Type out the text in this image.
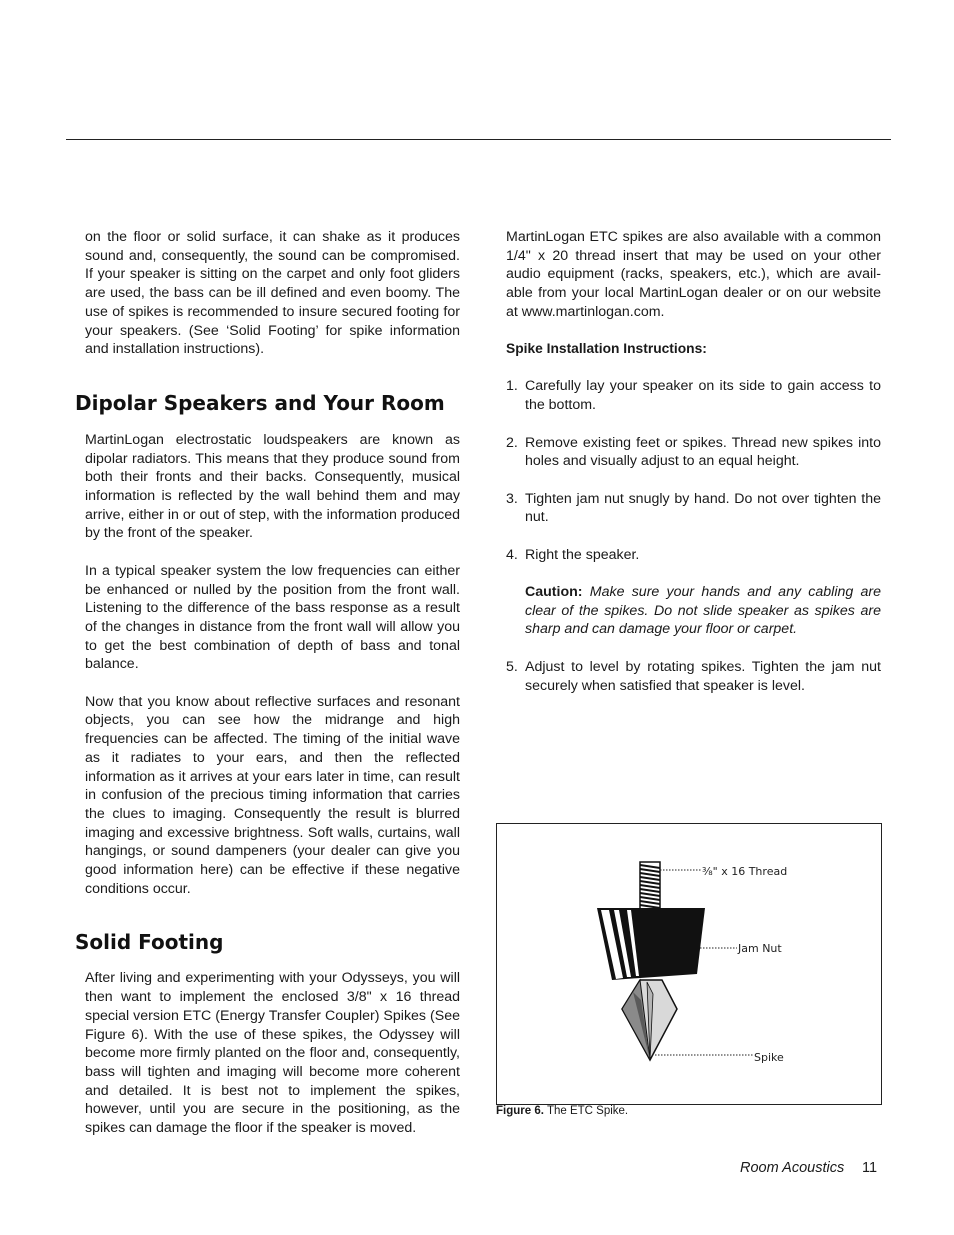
on the floor or solid surface, it can shake as it produces sound and, consequently, the sound can be compromised. If your speaker is sitting on the carpet and only foot gliders are used, the bass can be ill defined and even boomy. The use of spikes is recommended to insure secured footing for your speakers. (See ‘Solid Footing’ for spike information and installation instructions).

Dipolar Speakers and Your Room

MartinLogan electrostatic loudspeakers are known as dipolar radiators. This means that they produce sound from both their fronts and their backs. Consequently, musical information is reflected by the wall behind them and may arrive, either in or out of step, with the information produced by the front of the speaker.

In a typical speaker system the low frequencies can either be enhanced or nulled by the position from the front wall. Listening to the difference of the bass response as a result of the changes in distance from the front wall will allow you to get the best combination of depth of bass and tonal balance.

Now that you know about reflective surfaces and resonant objects, you can see how the midrange and high frequencies can be affected. The timing of the initial wave as it radiates to your ears, and then the reflected information as it arrives at your ears later in time, can result in confusion of the precious timing information that carries the clues to imaging. Consequently the result is blurred imaging and excessive brightness. Soft walls, curtains, wall hangings, or sound dampeners (your dealer can give you good information here) can be effective if these negative conditions occur.

Solid Footing

After living and experimenting with your Odysseys, you will then want to implement the enclosed 3/8" x 16 thread special version ETC (Energy Transfer Coupler) Spikes (See Figure 6). With the use of these spikes, the Odyssey will become more firmly planted on the floor and, consequently, bass will tighten and imaging will become more coherent and detailed. It is best not to implement the spikes, however, until you are secure in the positioning, as the spikes can damage the floor if the speaker is moved.

MartinLogan ETC spikes are also available with a common 1/4" x 20 thread insert that may be used on your other audio equipment (racks, speakers, etc.), which are available from your local MartinLogan dealer or on our website at www.martinlogan.com.

Spike Installation Instructions:
1. Carefully lay your speaker on its side to gain access to the bottom.
2. Remove existing feet or spikes. Thread new spikes into holes and visually adjust to an equal height.
3. Tighten jam nut snugly by hand. Do not over tighten the nut.
4. Right the speaker.
Caution: Make sure your hands and any cabling are clear of the spikes. Do not slide speaker as spikes are sharp and can damage your floor or carpet.
5. Adjust to level by rotating spikes. Tighten the jam nut securely when satisfied that speaker is level.
⅜" x 16 Thread
Jam Nut
Spike
Figure 6. The ETC Spike.
Room Acoustics 11
